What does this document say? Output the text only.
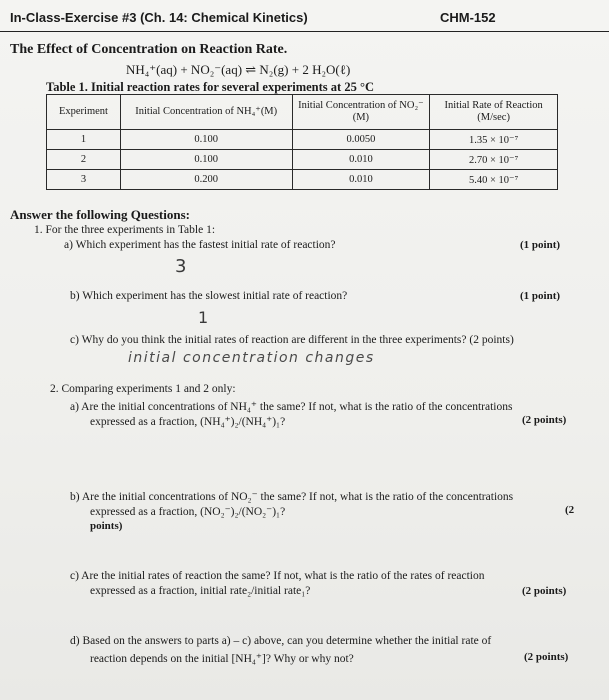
In-Class-Exercise #3 (Ch. 14: Chemical Kinetics)	CHM-152
The Effect of Concentration on Reaction Rate.
NH₄⁺(aq) + NO₂⁻(aq) ⇌ N₂(g) + 2 H₂O(ℓ)
Table 1. Initial reaction rates for several experiments at 25 °C
Experiment	Initial Concentration of NH₄⁺(M)	Initial Concentration of NO₂⁻ (M)	Initial Rate of Reaction (M/sec)
1	0.100	0.0050	1.35 × 10⁻⁷
2	0.100	0.010	2.70 × 10⁻⁷
3	0.200	0.010	5.40 × 10⁻⁷
Answer the following Questions:
1. For the three experiments in Table 1:
a) Which experiment has the fastest initial rate of reaction?	(1 point)
3
b) Which experiment has the slowest initial rate of reaction?	(1 point)
1
c) Why do you think the initial rates of reaction are different in the three experiments? (2 points)
initial concentration changes
2. Comparing experiments 1 and 2 only:
a) Are the initial concentrations of NH₄⁺ the same? If not, what is the ratio of the concentrations
expressed as a fraction, (NH₄⁺)₂/(NH₄⁺)₁?	(2 points)
b) Are the initial concentrations of NO₂⁻ the same? If not, what is the ratio of the concentrations
expressed as a fraction, (NO₂⁻)₂/(NO₂⁻)₁?	(2
points)
c) Are the initial rates of reaction the same? If not, what is the ratio of the rates of reaction
expressed as a fraction, initial rate₂/initial rate₁?	(2 points)
d) Based on the answers to parts a) – c) above, can you determine whether the initial rate of
reaction depends on the initial [NH₄⁺]? Why or why not?	(2 points)
